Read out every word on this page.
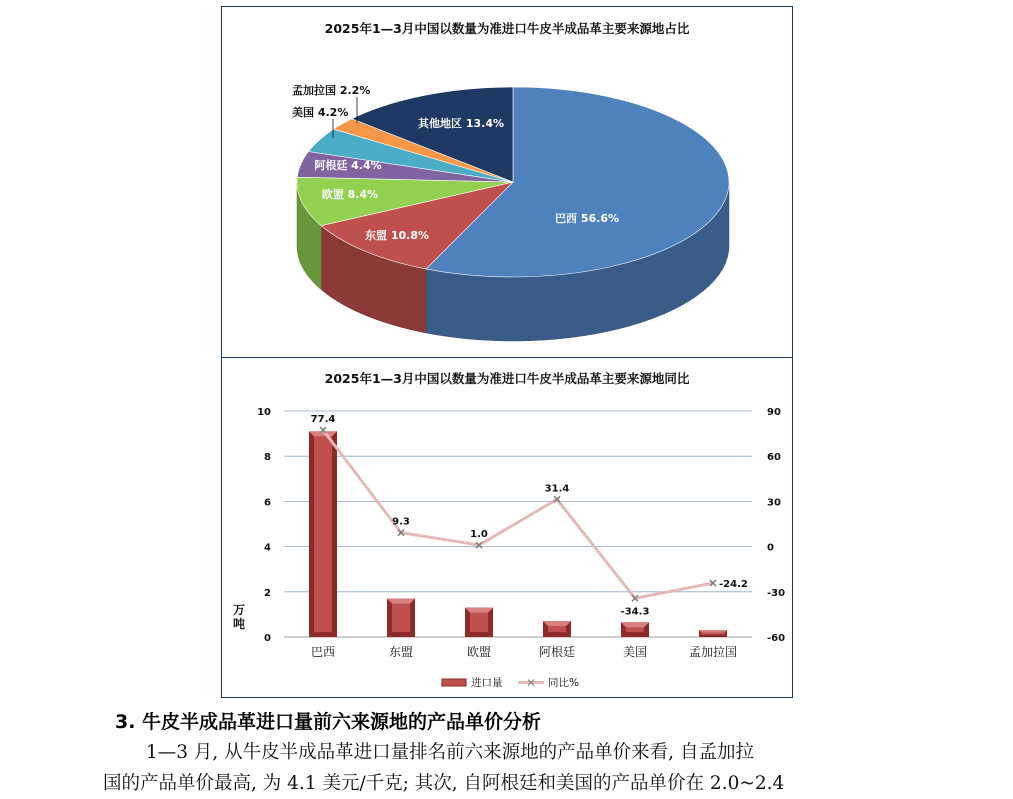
2025年1—3月中国以数量为准进口牛皮半成品革主要来源地占比
巴西 56.6%
东盟 10.8%
欧盟 8.4%
阿根廷 4.4%
美国 4.2%
孟加拉国 2.2%
其他地区 13.4%
2025年1—3月中国以数量为准进口牛皮半成品革主要来源地同比
0
2
4
6
8
10
-60
-30
0
30
60
90
万
吨
巴西	东盟	欧盟	阿根廷	美国	孟加拉国
77.4
9.3
1.0
31.4
-34.3
-24.2
进口量	同比%
3. 牛皮半成品革进口量前六来源地的产品单价分析
1—3 月, 从牛皮半成品革进口量排名前六来源地的产品单价来看, 自孟加拉
国的产品单价最高, 为 4.1 美元/千克; 其次, 自阿根廷和美国的产品单价在 2.0~2.4
